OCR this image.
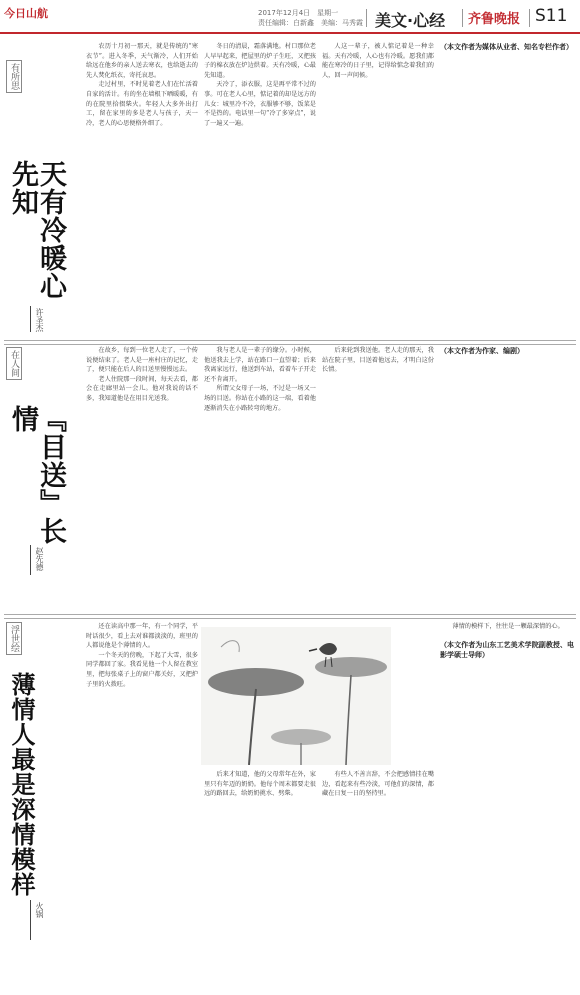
今日山航	2017年12月4日　星期一
责任编辑：白新鑫　美编：马秀霞 美文·心经 齐鲁晚报 S11
有所思
天有冷暖心先知
许圣杰

农历十月初一那天，就是传统的“寒衣节”。进入冬季，天气渐冷，人们开始给远在他乡的亲人送去寒衣，也给逝去的先人焚化纸衣，寄托哀思。

走过村里，不时见着老人们在忙活着自家的活计。有的坐在墙根下晒暖暖，有的在院里拾掇柴火。年轻人大多外出打工，留在家里的多是老人与孩子，天一冷，老人的心思便格外细了。

冬日的清晨，霜落满地。村口那位老人早早起来，把屋里的炉子生旺，又把孩子的棉衣放在炉边烘着。天有冷暖，心最先知道。

天冷了，添衣服，这是再平常不过的事。可在老人心里，惦记着的却是远方的儿女：城里冷不冷，衣服够不够，饭菜是不是热的。电话里一句“冷了多穿点”，说了一遍又一遍。

人这一辈子，被人惦记着是一种幸福。天有冷暖，人心也有冷暖。愿我们都能在寒冷的日子里，记得给惦念着我们的人，回一声问候。

（本文作者为媒体从业者、知名专栏作者）
在人间
『目送』长情
赵先德

在故乡，每到一位老人走了，一个传说便结束了。老人是一座村庄的记忆，走了，便只能在后人的目送里慢慢远去。

老人住院那一段时间，每天去看，都会在走廊里站一会儿。他对我说的话不多，我知道他是在用目光送我。

我与老人是一辈子的缘分。小时候，他送我去上学，站在路口一直望着；后来我离家远行，他送到车站，看着车子开走还不肯离开。

所谓父女母子一场，不过是一场又一场的目送。你站在小路的这一端，看着他逐渐消失在小路转弯的地方。

后来轮到我送他。老人走的那天，我站在院子里，目送着他远去，才明白这份长情。

（本文作者为作家、编剧）
浮世绘
薄情人最是深情模样
火锅

还在读高中那一年，有一个同学，平时话很少，看上去对谁都淡淡的，班里的人都说他是个薄情的人。

一个冬天的傍晚，下起了大雪，很多同学都回了家。我看见他一个人留在教室里，把每张桌子上的窗户都关好，又把炉子里的火拨旺。

后来才知道，他的父母常年在外，家里只有年迈的奶奶。他每个周末都要走很远的路回去，给奶奶挑水、劈柴。

有些人不善言辞，不会把感情挂在嘴边，看起来有些冷淡，可他们的深情，都藏在日复一日的坚持里。

薄情的模样下，往往是一颗最深情的心。

（本文作者为山东工艺美术学院副教授、电影学硕士导师）
